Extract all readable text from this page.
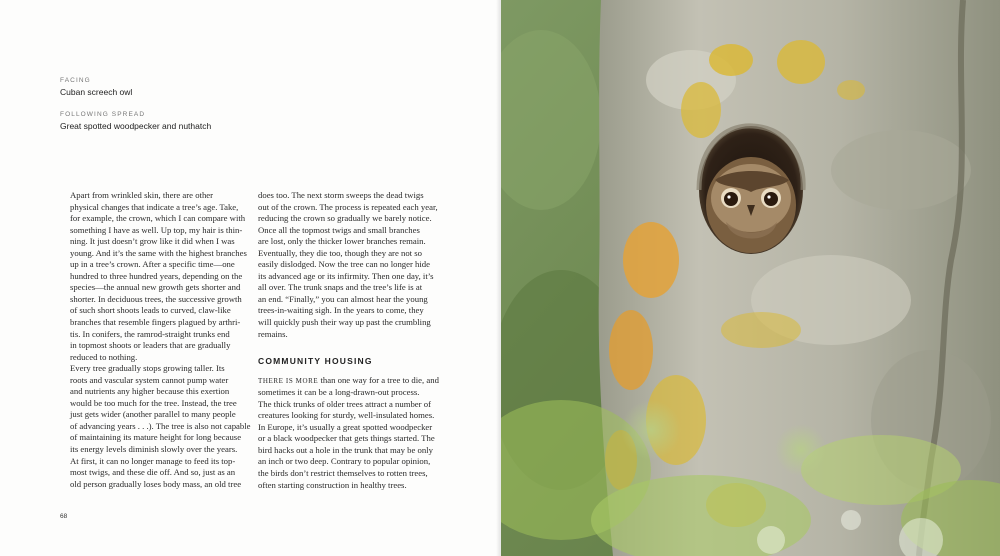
FACING

Cuban screech owl

FOLLOWING SPREAD

Great spotted woodpecker and nuthatch

Apart from wrinkled skin, there are other
physical changes that indicate a tree’s age. Take,
for example, the crown, which I can compare with
something I have as well. Up top, my hair is thin-
ning. It just doesn’t grow like it did when I was
young. And it’s the same with the highest branches
up in a tree’s crown. After a specific time—one
hundred to three hundred years, depending on the
species—the annual new growth gets shorter and
shorter. In deciduous trees, the successive growth
of such short shoots leads to curved, claw-like
branches that resemble fingers plagued by arthri-
tis. In conifers, the ramrod-straight trunks end
in topmost shoots or leaders that are gradually
reduced to nothing.

Every tree gradually stops growing taller. Its
roots and vascular system cannot pump water
and nutrients any higher because this exertion
would be too much for the tree. Instead, the tree
just gets wider (another parallel to many people
of advancing years . . .). The tree is also not capable
of maintaining its mature height for long because
its energy levels diminish slowly over the years.
At first, it can no longer manage to feed its top-
most twigs, and these die off. And so, just as an
old person gradually loses body mass, an old tree

does too. The next storm sweeps the dead twigs
out of the crown. The process is repeated each year,
reducing the crown so gradually we barely notice.
Once all the topmost twigs and small branches
are lost, only the thicker lower branches remain.
Eventually, they die too, though they are not so
easily dislodged. Now the tree can no longer hide
its advanced age or its infirmity. Then one day, it’s
all over. The trunk snaps and the tree’s life is at
an end. “Finally,” you can almost hear the young
trees-in-waiting sigh. In the years to come, they
will quickly push their way up past the crumbling
remains.

COMMUNITY HOUSING

THERE IS MORE than one way for a tree to die, and
sometimes it can be a long-drawn-out process.
The thick trunks of older trees attract a number of
creatures looking for sturdy, well-insulated homes.
In Europe, it’s usually a great spotted woodpecker
or a black woodpecker that gets things started. The
bird hacks out a hole in the trunk that may be only
an inch or two deep. Contrary to popular opinion,
the birds don’t restrict themselves to rotten trees,
often starting construction in healthy trees.

68
